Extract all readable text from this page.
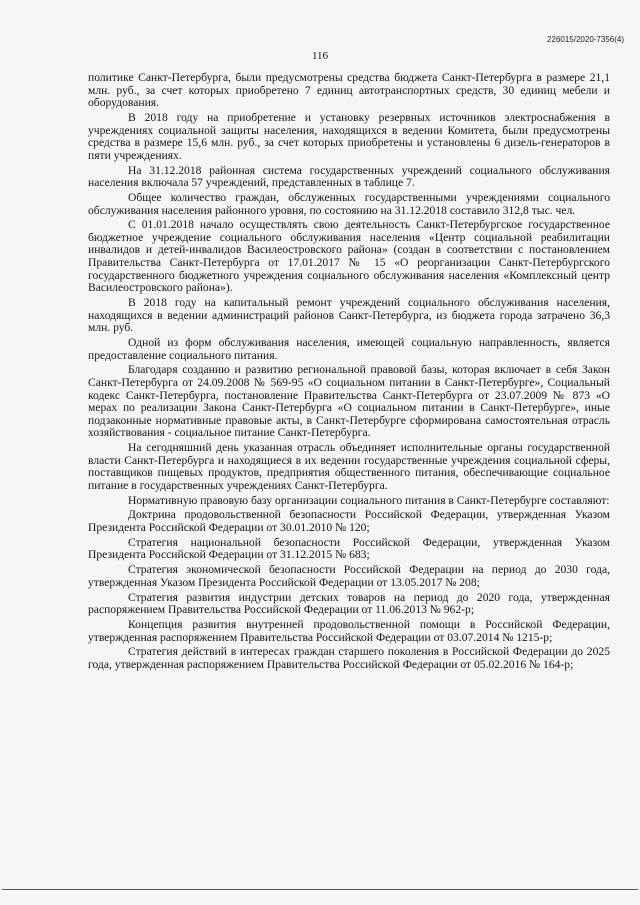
226015/2020-7356(4)
116

политике Санкт-Петербурга, были предусмотрены средства бюджета Санкт-Петербурга в размере 21,1 млн. руб., за счет которых приобретено 7 единиц автотранспортных средств, 30 единиц мебели и оборудования.

В 2018 году на приобретение и установку резервных источников электроснабжения в учреждениях социальной защиты населения, находящихся в ведении Комитета, были предусмотрены средства в размере 15,6 млн. руб., за счет которых приобретены и установлены 6 дизель-генераторов в пяти учреждениях.

На 31.12.2018 районная система государственных учреждений социального обслуживания населения включала 57 учреждений, представленных в таблице 7.

Общее количество граждан, обслуженных государственными учреждениями социального обслуживания населения районного уровня, по состоянию на 31.12.2018 составило 312,8 тыс. чел.

С 01.01.2018 начало осуществлять свою деятельность Санкт-Петербургское государственное бюджетное учреждение социального обслуживания населения «Центр социальной реабилитации инвалидов и детей-инвалидов Василеостровского района» (создан в соответствии с постановлением Правительства Санкт-Петербурга от 17.01.2017 № 15 «О реорганизации Санкт-Петербургского государственного бюджетного учреждения социального обслуживания населения «Комплексный центр Василеостровского района»).

В 2018 году на капитальный ремонт учреждений социального обслуживания населения, находящихся в ведении администраций районов Санкт-Петербурга, из бюджета города затрачено 36,3 млн. руб.

Одной из форм обслуживания населения, имеющей социальную направленность, является предоставление социального питания.

Благодаря созданию и развитию региональной правовой базы, которая включает в себя Закон Санкт-Петербурга от 24.09.2008 № 569-95 «О социальном питании в Санкт-Петербурге», Социальный кодекс Санкт-Петербурга, постановление Правительства Санкт-Петербурга от 23.07.2009 № 873 «О мерах по реализации Закона Санкт-Петербурга «О социальном питании в Санкт-Петербурге», иные подзаконные нормативные правовые акты, в Санкт-Петербурге сформирована самостоятельная отрасль хозяйствования - социальное питание Санкт-Петербурга.

На сегодняшний день указанная отрасль объединяет исполнительные органы государственной власти Санкт-Петербурга и находящиеся в их ведении государственные учреждения социальной сферы, поставщиков пищевых продуктов, предприятия общественного питания, обеспечивающие социальное питание в государственных учреждениях Санкт-Петербурга.

Нормативную правовую базу организации социального питания в Санкт-Петербурге составляют:

Доктрина продовольственной безопасности Российской Федерации, утвержденная Указом Президента Российской Федерации от 30.01.2010 № 120;

Стратегия национальной безопасности Российской Федерации, утвержденная Указом Президента Российской Федерации от 31.12.2015 № 683;

Стратегия экономической безопасности Российской Федерации на период до 2030 года, утвержденная Указом Президента Российской Федерации от 13.05.2017 № 208;

Стратегия развития индустрии детских товаров на период до 2020 года, утвержденная распоряжением Правительства Российской Федерации от 11.06.2013 № 962-р;

Концепция развития внутренней продовольственной помощи в Российской Федерации, утвержденная распоряжением Правительства Российской Федерации от 03.07.2014 № 1215-р;

Стратегия действий в интересах граждан старшего поколения в Российской Федерации до 2025 года, утвержденная распоряжением Правительства Российской Федерации от 05.02.2016 № 164-р;
